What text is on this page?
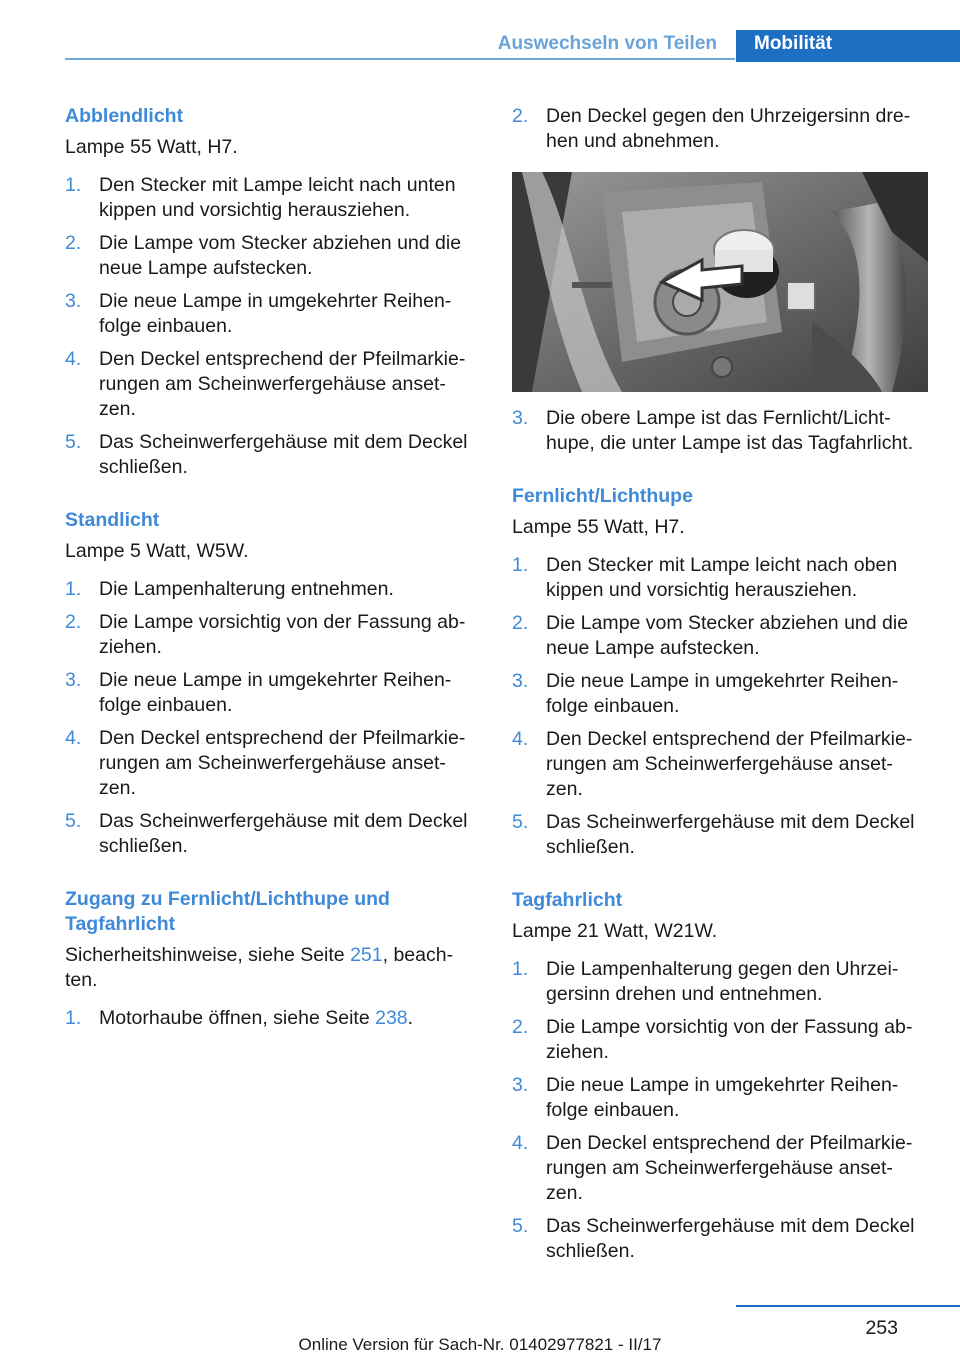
Auswechseln von Teilen	Mobilität

Abblendlicht

Lampe 55 Watt, H7.

1. Den Stecker mit Lampe leicht nach unten kippen und vorsichtig herausziehen.
2. Die Lampe vom Stecker abziehen und die neue Lampe aufstecken.
3. Die neue Lampe in umgekehrter Reihen‐folge einbauen.
4. Den Deckel entsprechend der Pfeilmarkie‐rungen am Scheinwerfergehäuse anset‐zen.
5. Das Scheinwerfergehäuse mit dem Deckel schließen.

Standlicht

Lampe 5 Watt, W5W.

1. Die Lampenhalterung entnehmen.
2. Die Lampe vorsichtig von der Fassung ab‐ziehen.
3. Die neue Lampe in umgekehrter Reihen‐folge einbauen.
4. Den Deckel entsprechend der Pfeilmarkie‐rungen am Scheinwerfergehäuse anset‐zen.
5. Das Scheinwerfergehäuse mit dem Deckel schließen.

Zugang zu Fernlicht/Lichthupe und Tagfahrlicht

Sicherheitshinweise, siehe Seite 251, beach‐ten.

1. Motorhaube öffnen, siehe Seite 238.
2. Den Deckel gegen den Uhrzeigersinn dre‐hen und abnehmen.
3. Die obere Lampe ist das Fernlicht/Licht‐hupe, die unter Lampe ist das Tagfahrlicht.

Fernlicht/Lichthupe

Lampe 55 Watt, H7.

1. Den Stecker mit Lampe leicht nach oben kippen und vorsichtig herausziehen.
2. Die Lampe vom Stecker abziehen und die neue Lampe aufstecken.
3. Die neue Lampe in umgekehrter Reihen‐folge einbauen.
4. Den Deckel entsprechend der Pfeilmarkie‐rungen am Scheinwerfergehäuse anset‐zen.
5. Das Scheinwerfergehäuse mit dem Deckel schließen.

Tagfahrlicht

Lampe 21 Watt, W21W.

1. Die Lampenhalterung gegen den Uhrzei‐gersinn drehen und entnehmen.
2. Die Lampe vorsichtig von der Fassung ab‐ziehen.
3. Die neue Lampe in umgekehrter Reihen‐folge einbauen.
4. Den Deckel entsprechend der Pfeilmarkie‐rungen am Scheinwerfergehäuse anset‐zen.
5. Das Scheinwerfergehäuse mit dem Deckel schließen.
253
Online Version für Sach-Nr. 01402977821 - II/17
